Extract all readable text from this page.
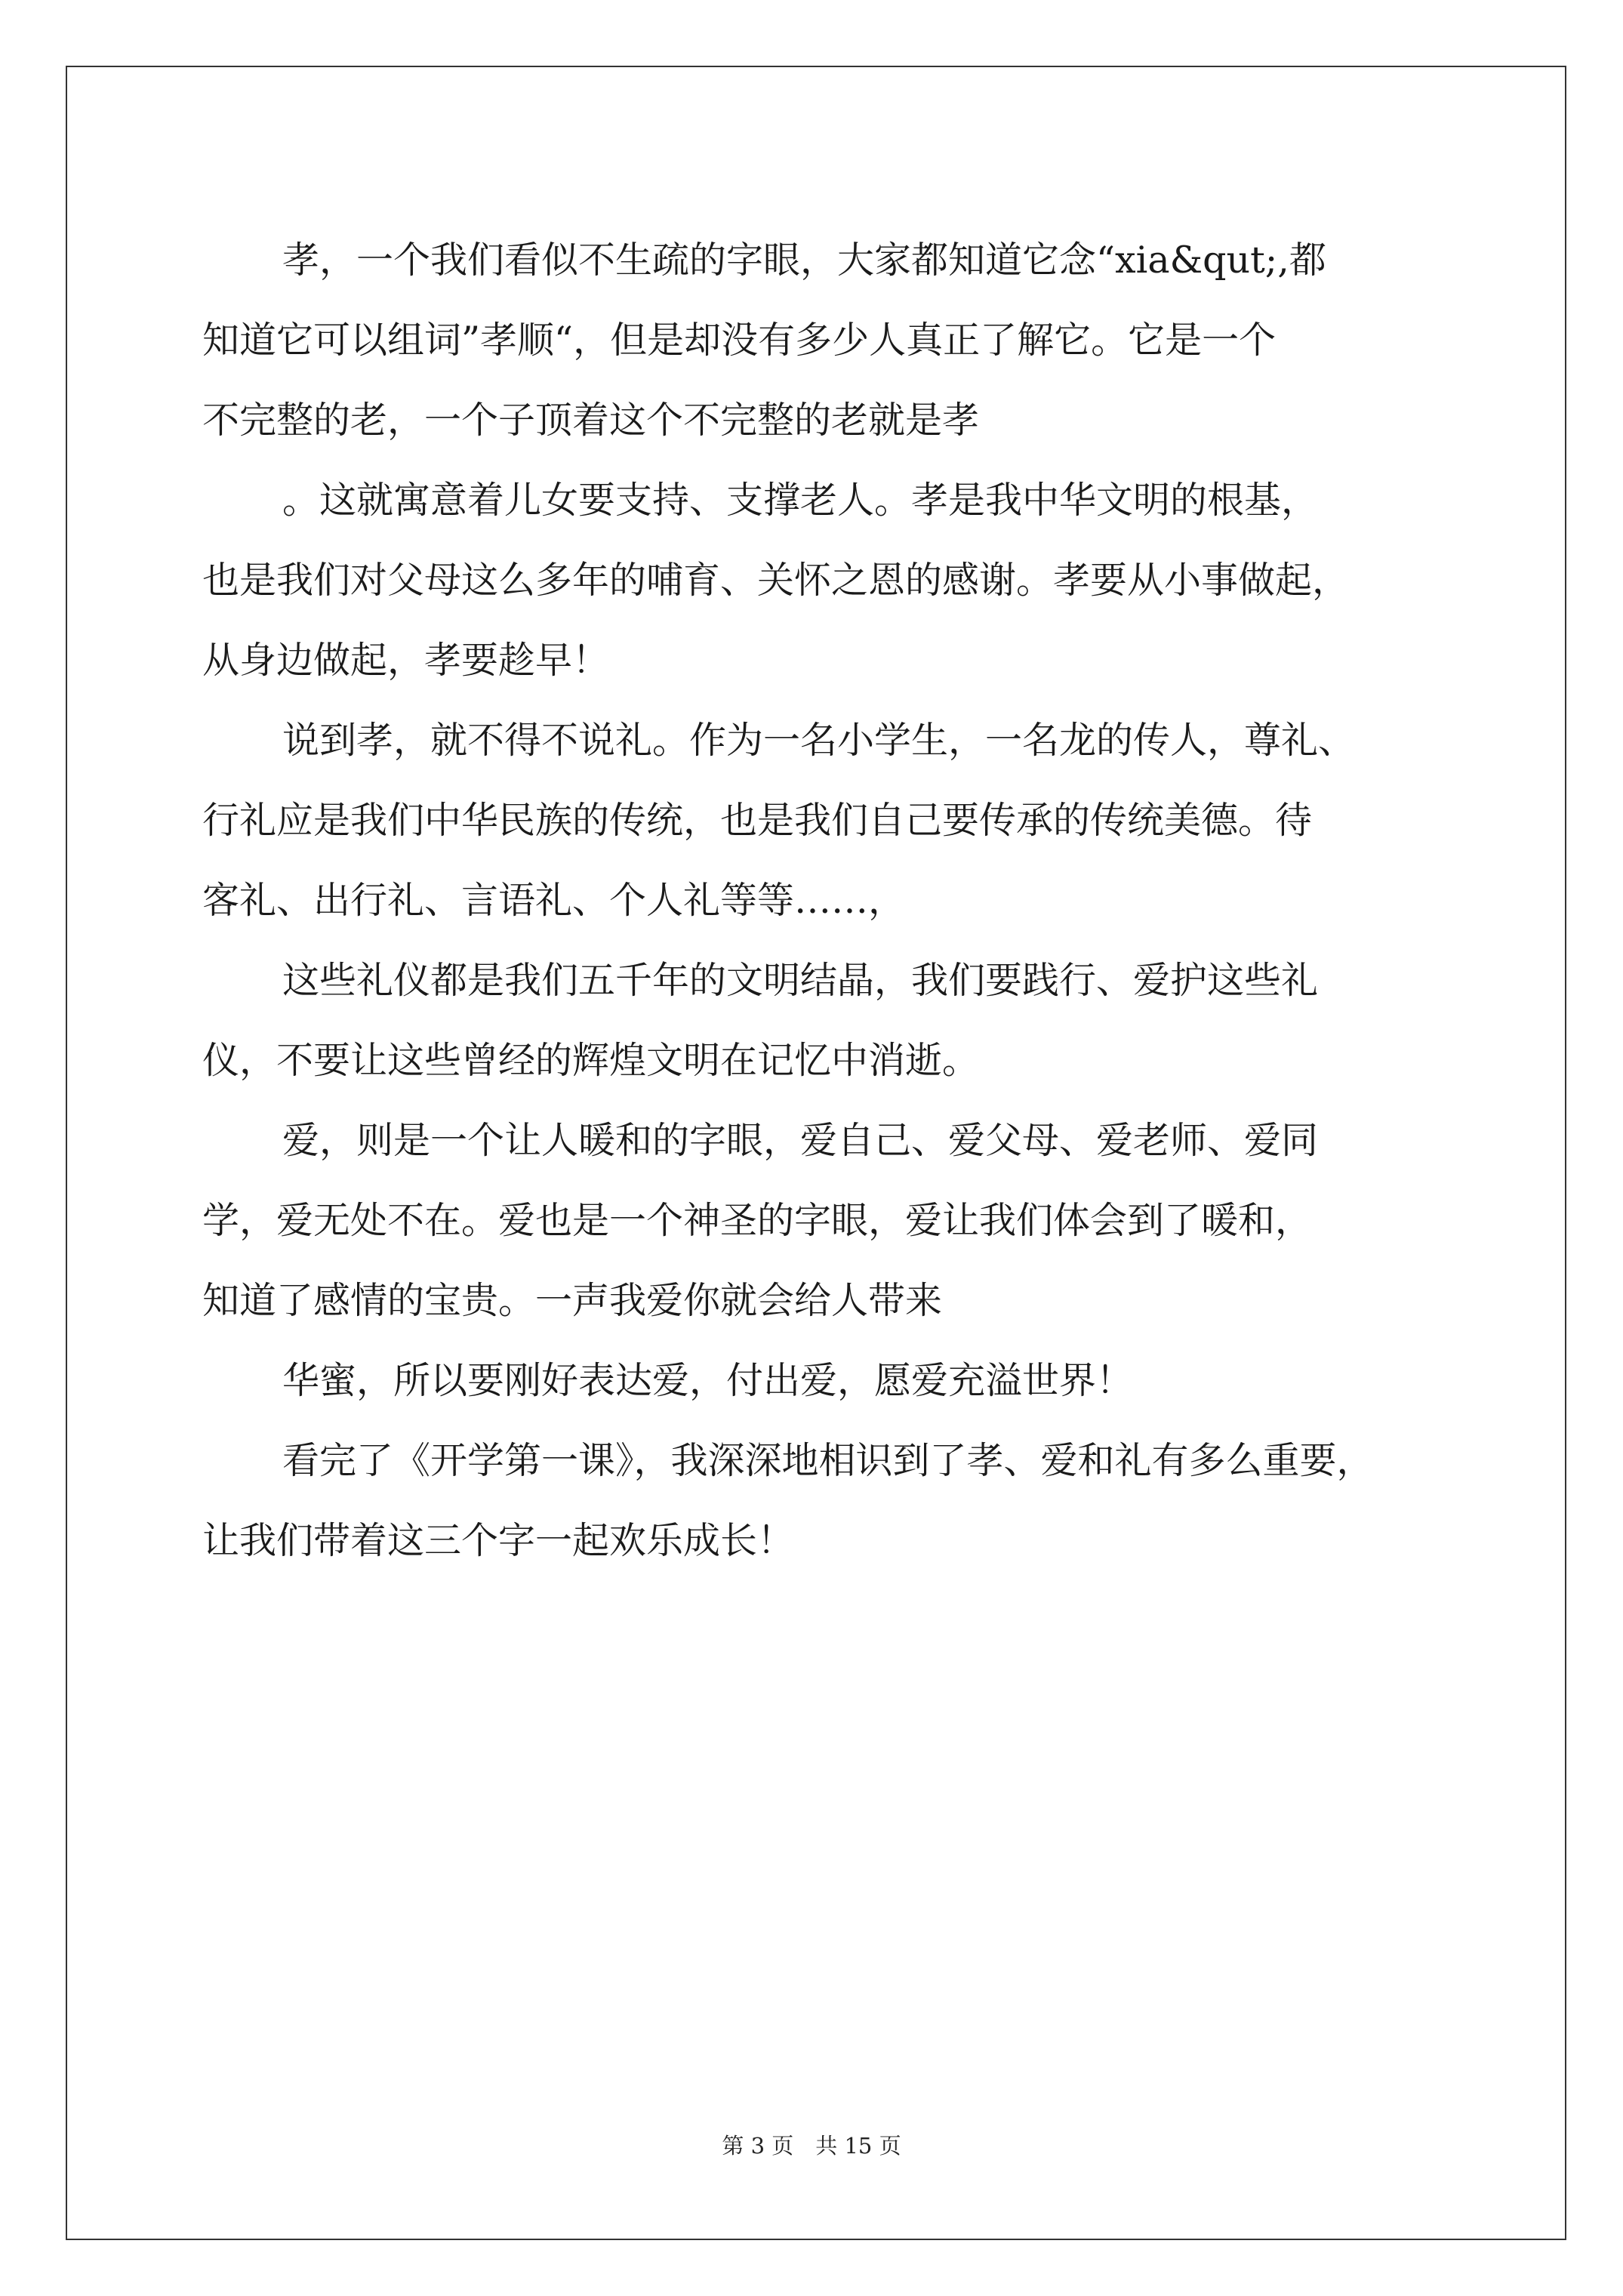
孝，一个我们看似不生疏的字眼，大家都知道它念“xia&qut;,都

知道它可以组词”孝顺“，但是却没有多少人真正了解它。它是一个

不完整的老，一个子顶着这个不完整的老就是孝

。这就寓意着儿女要支持、支撑老人。孝是我中华文明的根基，

也是我们对父母这么多年的哺育、关怀之恩的感谢。孝要从小事做起，

从身边做起，孝要趁早！

说到孝，就不得不说礼。作为一名小学生，一名龙的传人，尊礼、

行礼应是我们中华民族的传统，也是我们自己要传承的传统美德。待

客礼、出行礼、言语礼、个人礼等等……，

这些礼仪都是我们五千年的文明结晶，我们要践行、爱护这些礼

仪，不要让这些曾经的辉煌文明在记忆中消逝。

爱，则是一个让人暖和的字眼，爱自己、爱父母、爱老师、爱同

学，爱无处不在。爱也是一个神圣的字眼，爱让我们体会到了暖和，

知道了感情的宝贵。一声我爱你就会给人带来

华蜜，所以要刚好表达爱，付出爱，愿爱充溢世界！

看完了《开学第一课》，我深深地相识到了孝、爱和礼有多么重要，

让我们带着这三个字一起欢乐成长！

第 3 页　共 15 页
